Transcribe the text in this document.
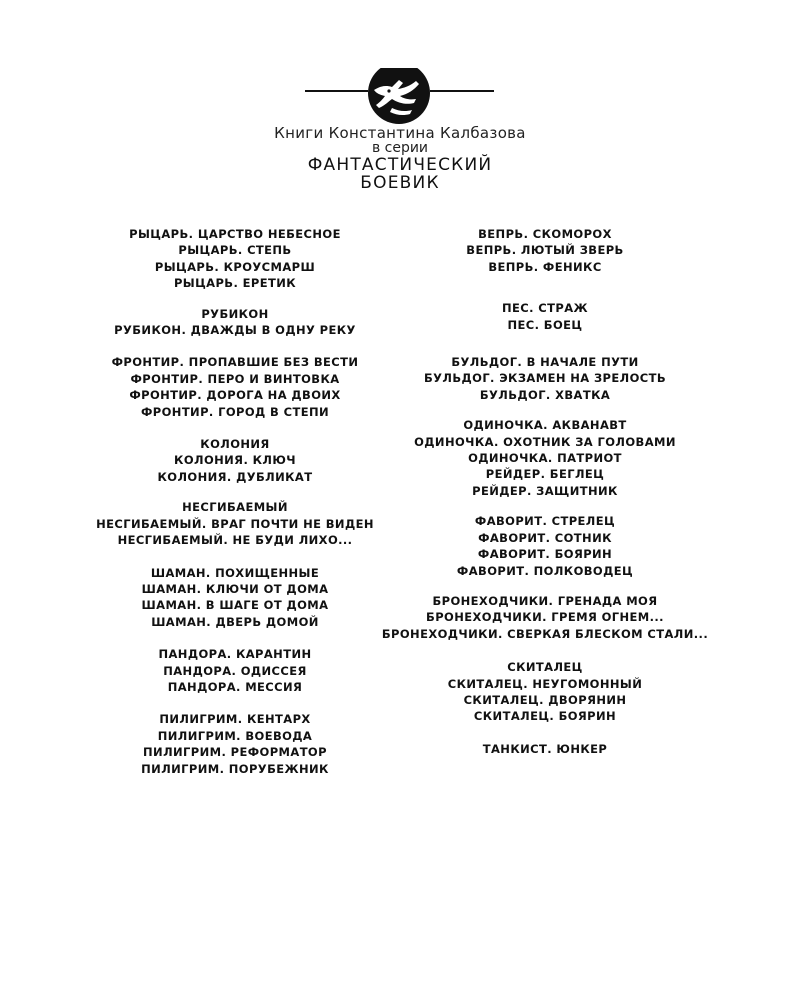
Книги Константина Калбазова
в серии
ФАНТАСТИЧЕСКИЙ
БОЕВИК
РЫЦАРЬ. ЦАРСТВО НЕБЕСНОЕ
РЫЦАРЬ. СТЕПЬ
РЫЦАРЬ. КРОУСМАРШ
РЫЦАРЬ. ЕРЕТИК
РУБИКОН
РУБИКОН. ДВАЖДЫ В ОДНУ РЕКУ
ФРОНТИР. ПРОПАВШИЕ БЕЗ ВЕСТИ
ФРОНТИР. ПЕРО И ВИНТОВКА
ФРОНТИР. ДОРОГА НА ДВОИХ
ФРОНТИР. ГОРОД В СТЕПИ
КОЛОНИЯ
КОЛОНИЯ. КЛЮЧ
КОЛОНИЯ. ДУБЛИКАТ
НЕСГИБАЕМЫЙ
НЕСГИБАЕМЫЙ. ВРАГ ПОЧТИ НЕ ВИДЕН
НЕСГИБАЕМЫЙ. НЕ БУДИ ЛИХО...
ШАМАН. ПОХИЩЕННЫЕ
ШАМАН. КЛЮЧИ ОТ ДОМА
ШАМАН. В ШАГЕ ОТ ДОМА
ШАМАН. ДВЕРЬ ДОМОЙ
ПАНДОРА. КАРАНТИН
ПАНДОРА. ОДИССЕЯ
ПАНДОРА. МЕССИЯ
ПИЛИГРИМ. КЕНТАРХ
ПИЛИГРИМ. ВОЕВОДА
ПИЛИГРИМ. РЕФОРМАТОР
ПИЛИГРИМ. ПОРУБЕЖНИК
ВЕПРЬ. СКОМОРОХ
ВЕПРЬ. ЛЮТЫЙ ЗВЕРЬ
ВЕПРЬ. ФЕНИКС
ПЕС. СТРАЖ
ПЕС. БОЕЦ
БУЛЬДОГ. В НАЧАЛЕ ПУТИ
БУЛЬДОГ. ЭКЗАМЕН НА ЗРЕЛОСТЬ
БУЛЬДОГ. ХВАТКА
ОДИНОЧКА. АКВАНАВТ
ОДИНОЧКА. ОХОТНИК ЗА ГОЛОВАМИ
ОДИНОЧКА. ПАТРИОТ
РЕЙДЕР. БЕГЛЕЦ
РЕЙДЕР. ЗАЩИТНИК
ФАВОРИТ. СТРЕЛЕЦ
ФАВОРИТ. СОТНИК
ФАВОРИТ. БОЯРИН
ФАВОРИТ. ПОЛКОВОДЕЦ
БРОНЕХОДЧИКИ. ГРЕНАДА МОЯ
БРОНЕХОДЧИКИ. ГРЕМЯ ОГНЕМ...
БРОНЕХОДЧИКИ. СВЕРКАЯ БЛЕСКОМ СТАЛИ...
СКИТАЛЕЦ
СКИТАЛЕЦ. НЕУГОМОННЫЙ
СКИТАЛЕЦ. ДВОРЯНИН
СКИТАЛЕЦ. БОЯРИН
ТАНКИСТ. ЮНКЕР
